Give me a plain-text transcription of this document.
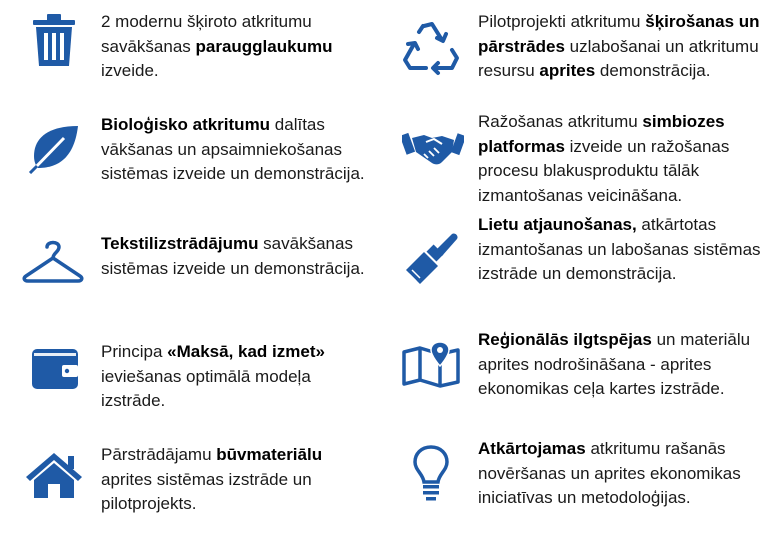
2 modernu šķiroto atkritumu savākšanas paraugglaukumu izveide.
Bioloģisko atkritumu dalītas vākšanas un apsaimniekošanas sistēmas izveide un demonstrācija.
Tekstilizstrādājumu savākšanas sistēmas izveide un demonstrācija.
Principa «Maksā, kad izmet» ieviešanas optimālā modeļa izstrāde.
Pārstrādājamu būvmateriālu aprites sistēmas izstrāde un pilotprojekts.
Pilotprojekti atkritumu šķirošanas un pārstrādes uzlabošanai un atkritumu resursu aprites demonstrācija.
Ražošanas atkritumu simbiozes platformas izveide un ražošanas procesu blakusproduktu tālāk izmantošanas veicināšana.
Lietu atjaunošanas, atkārtotas izmantošanas un labošanas sistēmas izstrāde un demonstrācija.
Reģionālās ilgtspējas un materiālu aprites nodrošināšana - aprites ekonomikas ceļa kartes izstrāde.
Atkārtojamas atkritumu rašanās novēršanas un aprites ekonomikas iniciatīvas un metodoloģijas.
